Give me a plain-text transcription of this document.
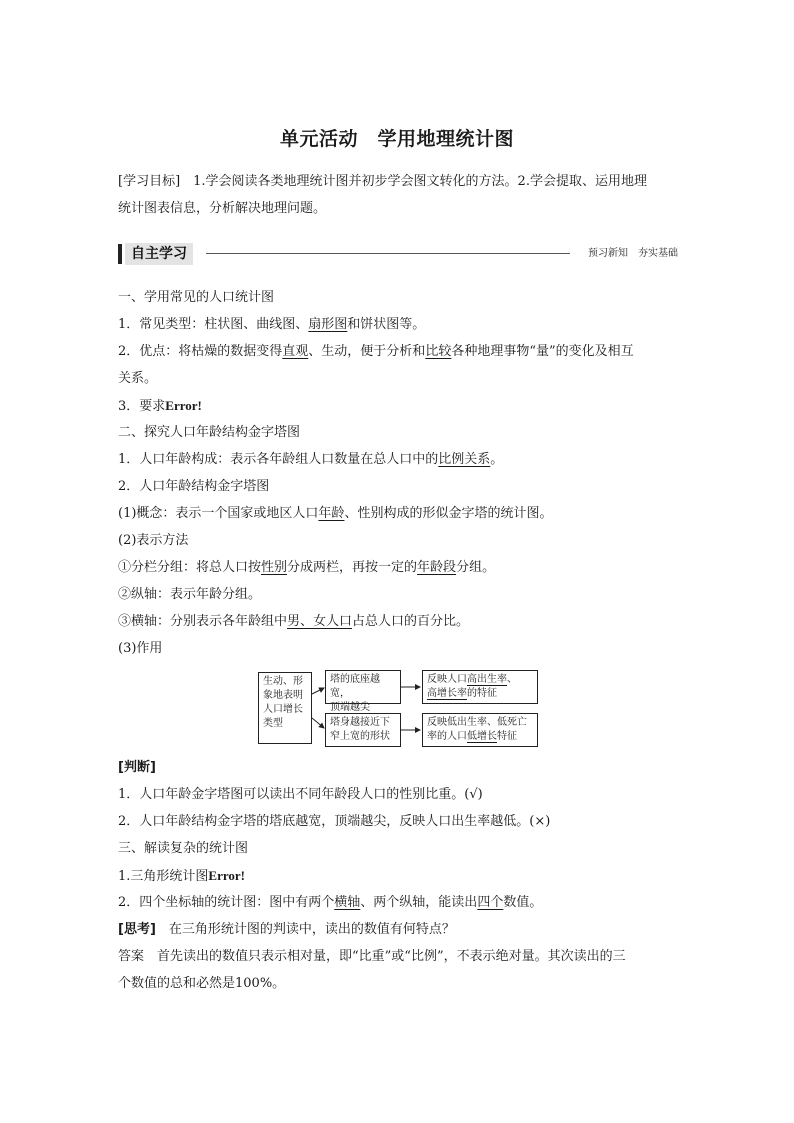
单元活动　学用地理统计图
[学习目标]　1.学会阅读各类地理统计图并初步学会图文转化的方法。2.学会提取、运用地理
统计图表信息，分析解决地理问题。
自主学习	预习新知　夯实基础
一、学用常见的人口统计图
1．常见类型：柱状图、曲线图、扇形图和饼状图等。
2．优点：将枯燥的数据变得直观、生动，便于分析和比较各种地理事物“量”的变化及相互
关系。
3．要求Error!
二、探究人口年龄结构金字塔图
1．人口年龄构成：表示各年龄组人口数量在总人口中的比例关系。
2．人口年龄结构金字塔图
(1)概念：表示一个国家或地区人口年龄、性别构成的形似金字塔的统计图。
(2)表示方法
①分栏分组：将总人口按性别分成两栏，再按一定的年龄段分组。
②纵轴：表示年龄分组。
③横轴：分别表示各年龄组中男、女人口占总人口的百分比。
(3)作用
生动、形
象地表明
人口增长
类型
塔的底座越宽，
顶端越尖
塔身越接近下
窄上宽的形状
反映人口高出生率、
高增长率的特征
反映低出生率、低死亡
率的人口低增长特征
[判断]
1．人口年龄金字塔图可以读出不同年龄段人口的性别比重。(√)
2．人口年龄结构金字塔的塔底越宽，顶端越尖，反映人口出生率越低。(×)
三、解读复杂的统计图
1.三角形统计图Error!
2．四个坐标轴的统计图：图中有两个横轴、两个纵轴，能读出四个数值。
[思考]　在三角形统计图的判读中，读出的数值有何特点？
答案　首先读出的数值只表示相对量，即“比重”或“比例”，不表示绝对量。其次读出的三
个数值的总和必然是100%。
